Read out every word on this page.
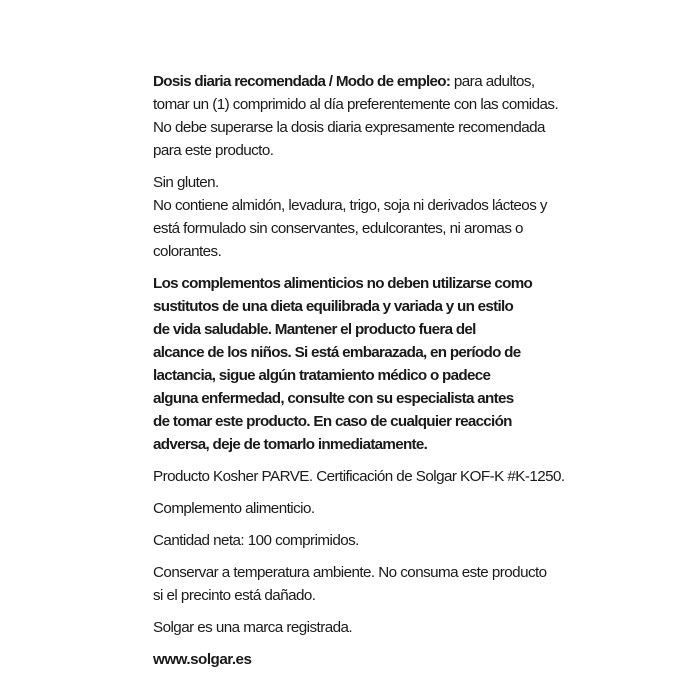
Dosis diaria recomendada / Modo de empleo: para adultos,
tomar un (1) comprimido al día preferentemente con las comidas.
No debe superarse la dosis diaria expresamente recomendada
para este producto.

Sin gluten.
No contiene almidón, levadura, trigo, soja ni derivados lácteos y
está formulado sin conservantes, edulcorantes, ni aromas o
colorantes.

Los complementos alimenticios no deben utilizarse como
sustitutos de una dieta equilibrada y variada y un estilo
de vida saludable. Mantener el producto fuera del
alcance de los niños. Si está embarazada, en período de
lactancia, sigue algún tratamiento médico o padece
alguna enfermedad, consulte con su especialista antes
de tomar este producto. En caso de cualquier reacción
adversa, deje de tomarlo inmediatamente.

Producto Kosher PARVE. Certificación de Solgar KOF-K #K-1250.

Complemento alimenticio.

Cantidad neta: 100 comprimidos.

Conservar a temperatura ambiente. No consuma este producto
si el precinto está dañado.

Solgar es una marca registrada.

www.solgar.es
